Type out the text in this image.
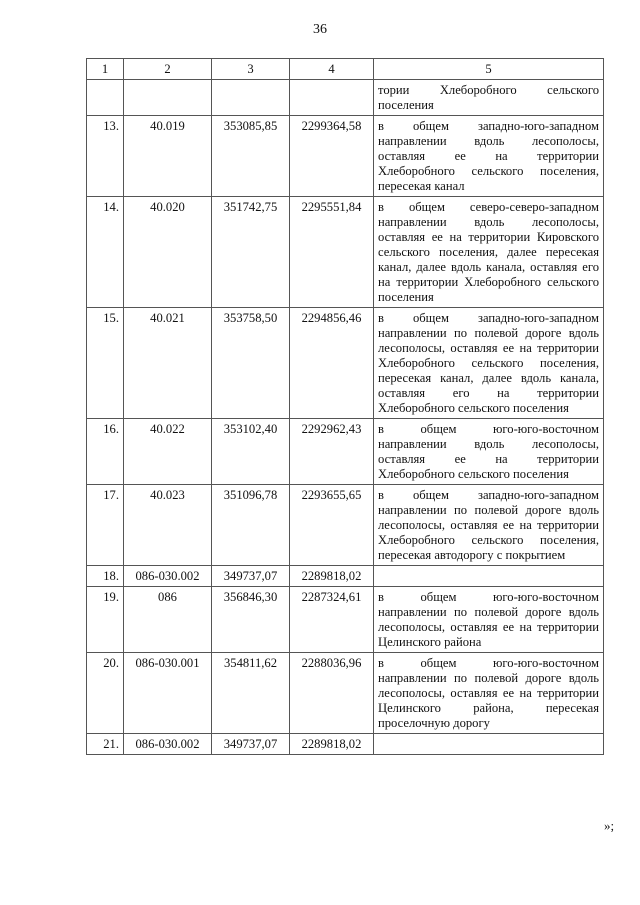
36
1	2	3	4	5
				тории Хлеборобного сельского поселения
13.	40.019	353085,85	2299364,58	в общем западно-юго-западном направлении вдоль лесополосы, оставляя ее на территории Хлеборобного сельского поселения, пересекая канал
14.	40.020	351742,75	2295551,84	в общем северо-северо-западном направлении вдоль лесополосы, оставляя ее на территории Кировского сельского поселения, далее пересекая канал, далее вдоль канала, оставляя его на территории Хлеборобного сельского поселения
15.	40.021	353758,50	2294856,46	в общем западно-юго-западном направлении по полевой дороге вдоль лесополосы, оставляя ее на территории Хлеборобного сельского поселения, пересекая канал, далее вдоль канала, оставляя его на территории Хлеборобного сельского поселения
16.	40.022	353102,40	2292962,43	в общем юго-юго-восточном направлении вдоль лесополосы, оставляя ее на территории Хлеборобного сельского поселения
17.	40.023	351096,78	2293655,65	в общем западно-юго-западном направлении по полевой дороге вдоль лесополосы, оставляя ее на территории Хлеборобного сельского поселения, пересекая автодорогу с покрытием
18.	086-030.002	349737,07	2289818,02	
19.	086	356846,30	2287324,61	в общем юго-юго-восточном направлении по полевой дороге вдоль лесополосы, оставляя ее на территории Целинского района
20.	086-030.001	354811,62	2288036,96	в общем юго-юго-восточном направлении по полевой дороге вдоль лесополосы, оставляя ее на территории Целинского района, пересекая проселочную дорогу
21.	086-030.002	349737,07	2289818,02	
»;
